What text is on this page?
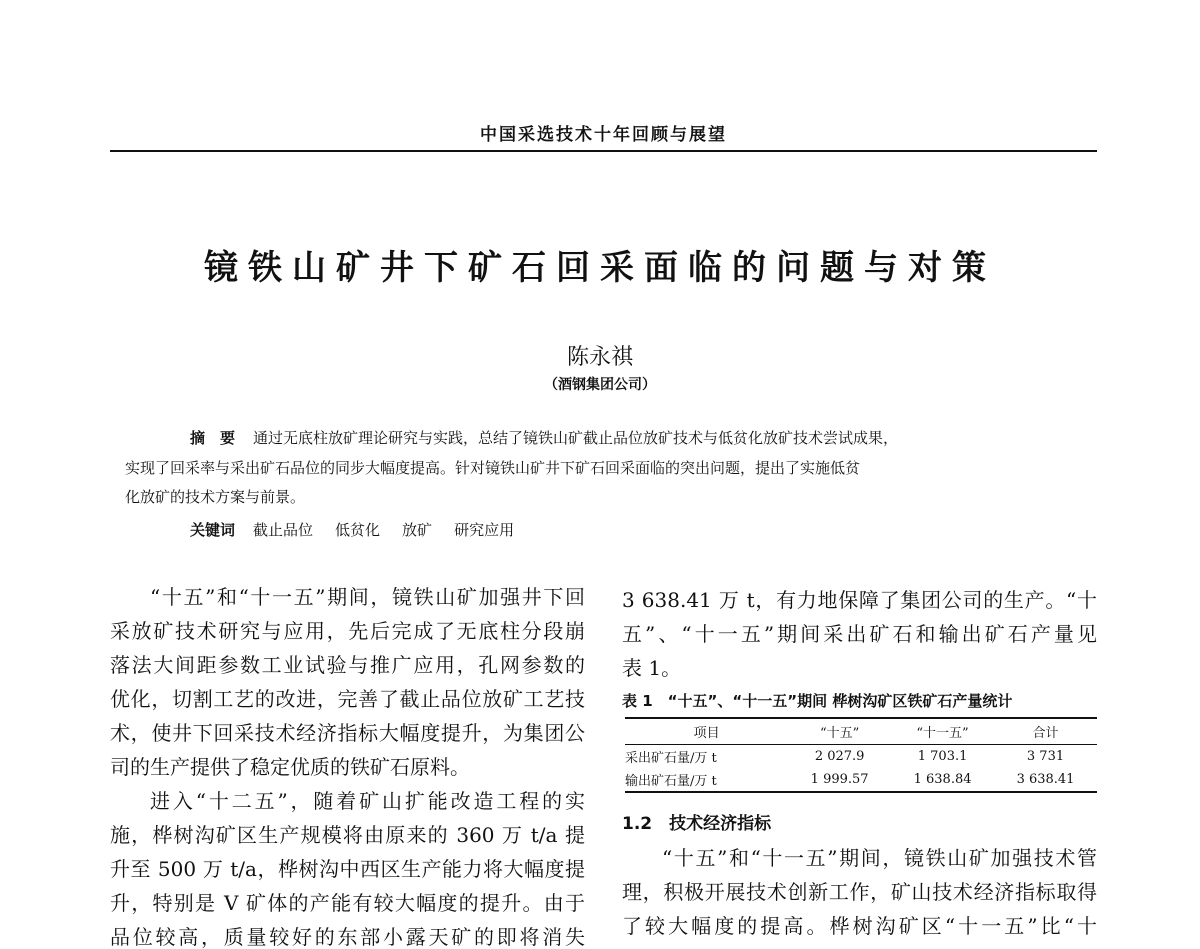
中国采选技术十年回顾与展望
镜铁山矿井下矿石回采面临的问题与对策
陈永祺
（酒钢集团公司）
摘　要 通过无底柱放矿理论研究与实践，总结了镜铁山矿截止品位放矿技术与低贫化放矿技术尝试成果，
实现了回采率与采出矿石品位的同步大幅度提高。针对镜铁山矿井下矿石回采面临的突出问题，提出了实施低贫
化放矿的技术方案与前景。
关键词 截止品位 低贫化 放矿 研究应用
“十五”和“十一五”期间，镜铁山矿加强井下回
采放矿技术研究与应用，先后完成了无底柱分段崩
落法大间距参数工业试验与推广应用，孔网参数的
优化，切割工艺的改进，完善了截止品位放矿工艺技
术，使井下回采技术经济指标大幅度提升，为集团公
司的生产提供了稳定优质的铁矿石原料。
进入“十二五”，随着矿山扩能改造工程的实
施，桦树沟矿区生产规模将由原来的 360 万 t/a 提
升至 500 万 t/a，桦树沟中西区生产能力将大幅度提
升，特别是 V 矿体的产能有较大幅度的提升。由于
品位较高，质量较好的东部小露天矿的即将消失
3 638.41 万 t，有力地保障了集团公司的生产。“十
五”、“十一五”期间采出矿石和输出矿石产量见
表 1。
“十五”和“十一五”期间，镜铁山矿加强技术管
理，积极开展技术创新工作，矿山技术经济指标取得
了较大幅度的提高。桦树沟矿区“十一五”比“十
表 1　“十五”、“十一五”期间 桦树沟矿区铁矿石产量统计
项目	“十五”	“十一五”	合计
采出矿石量/万 t	2 027.9	1 703.1	3 731
输出矿石量/万 t	1 999.57	1 638.84	3 638.41
1.2　技术经济指标
